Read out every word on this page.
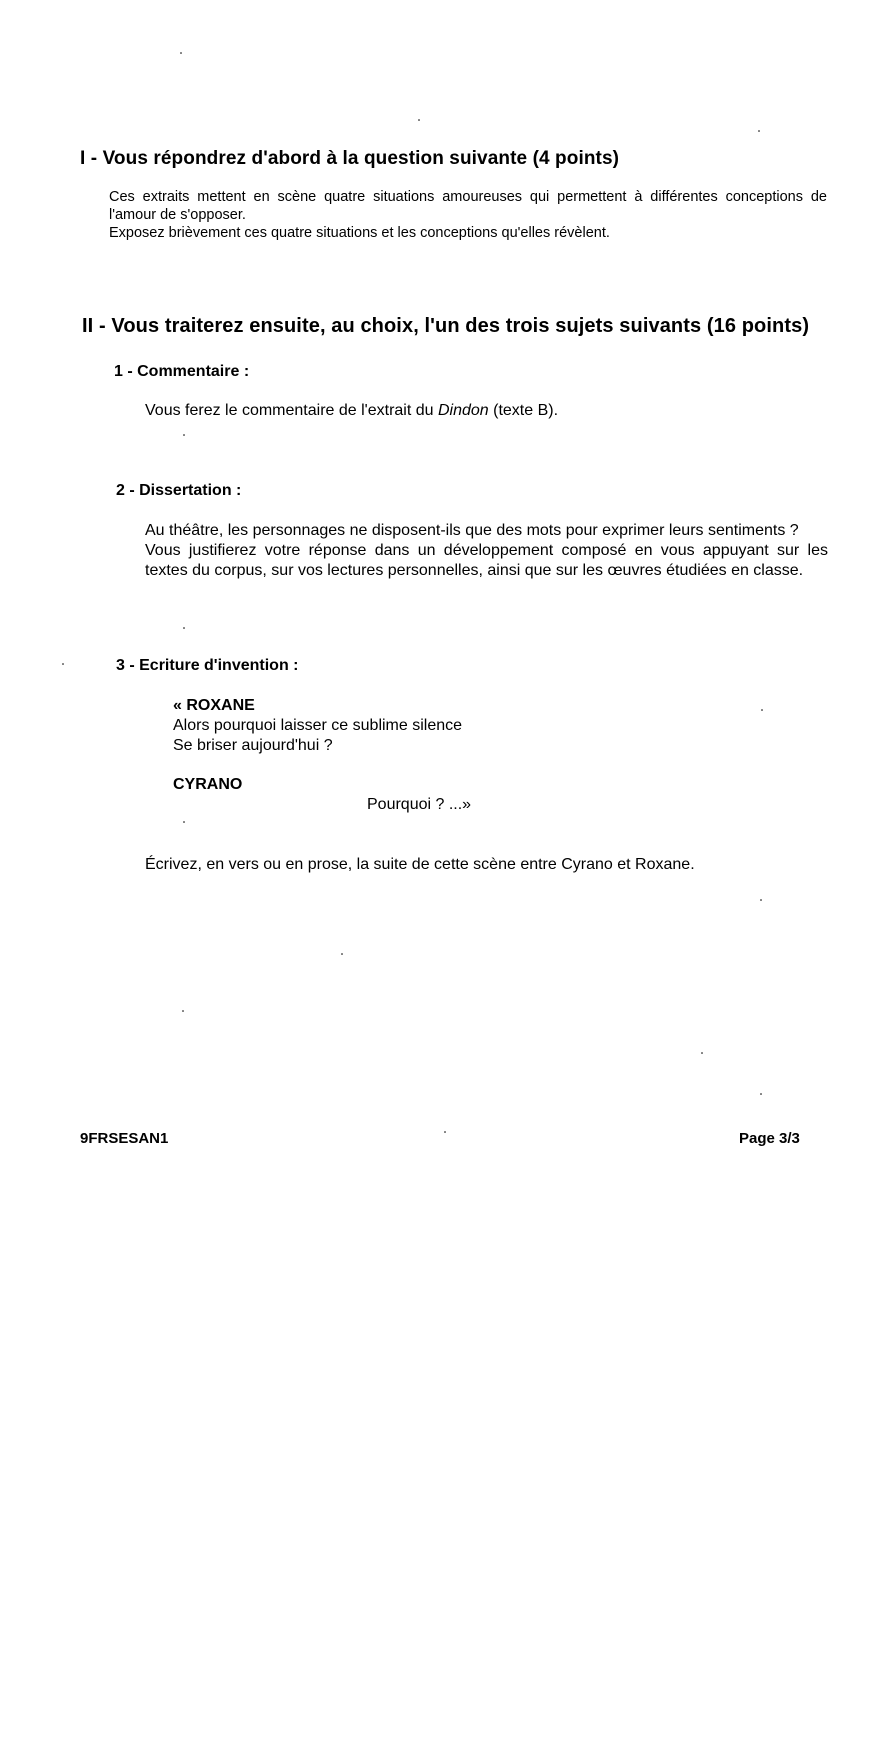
I - Vous répondrez d'abord à la question suivante (4 points)

Ces extraits mettent en scène quatre situations amoureuses qui permettent à différentes conceptions de l'amour de s'opposer.

Exposez brièvement ces quatre situations et les conceptions qu'elles révèlent.

II - Vous traiterez ensuite, au choix, l'un des trois sujets suivants (16 points)
1 - Commentaire :
Vous ferez le commentaire de l'extrait du Dindon (texte B).
2 - Dissertation :

Au théâtre, les personnages ne disposent-ils que des mots pour exprimer leurs sentiments ?

Vous justifierez votre réponse dans un développement composé en vous appuyant sur les textes du corpus, sur vos lectures personnelles, ainsi que sur les œuvres étudiées en classe.

3 - Ecriture d'invention :
« ROXANE
Alors pourquoi laisser ce sublime silence
Se briser aujourd'hui ?
CYRANO
Pourquoi ? ...»
Écrivez, en vers ou en prose, la suite de cette scène entre Cyrano et Roxane.
9FRSESAN1	Page 3/3
